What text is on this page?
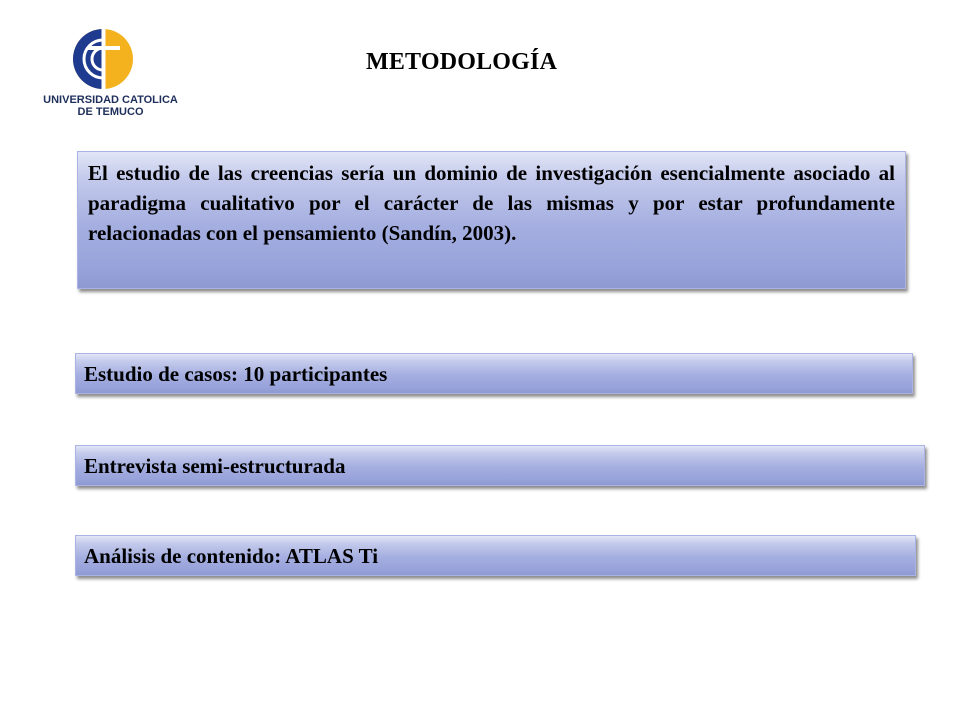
UNIVERSIDAD CATOLICA
DE TEMUCO
METODOLOGÍA
El estudio de las creencias sería un dominio de investigación esencialmente asociado al paradigma cualitativo por el carácter de las mismas y por estar profundamente relacionadas con el pensamiento (Sandín, 2003).
Estudio de casos: 10 participantes
Entrevista semi-estructurada
Análisis de contenido: ATLAS Ti
